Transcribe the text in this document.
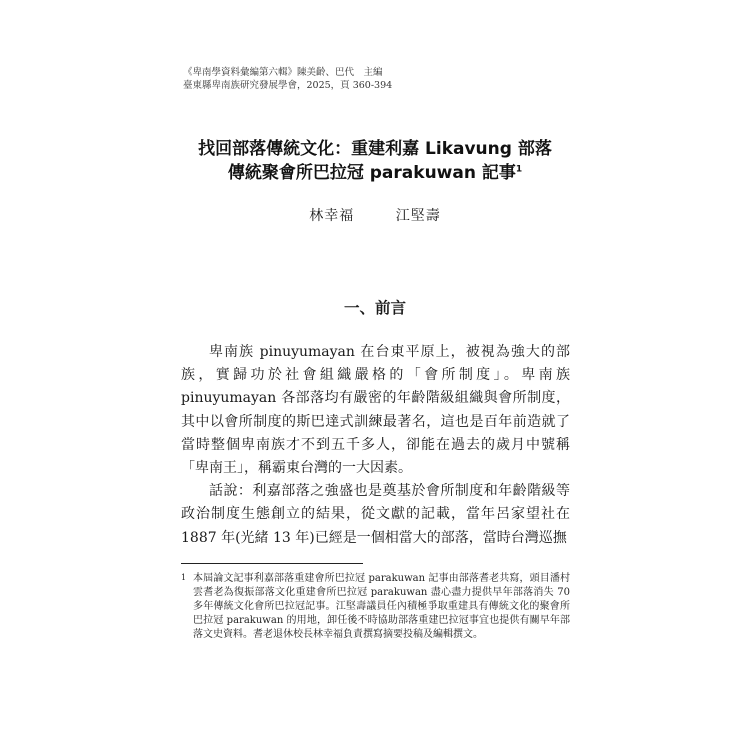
《卑南學資料彙編第六輯》陳美齡、巴代　主編
臺東縣卑南族研究發展學會，2025，頁 360-394
找回部落傳統文化：重建利嘉 Likavung 部落
傳統聚會所巴拉冠 parakuwan 記事$^1$
林幸福	江堅壽
一、前言

卑南族 pinuyumayan 在台東平原上，被視為強大的部族，實歸功於社會組織嚴格的「會所制度」。卑南族 pinuyumayan 各部落均有嚴密的年齡階級組織與會所制度，其中以會所制度的斯巴達式訓練最著名，這也是百年前造就了當時整個卑南族才不到五千多人，卻能在過去的歲月中號稱「卑南王」，稱霸東台灣的一大因素。

話說：利嘉部落之強盛也是奠基於會所制度和年齡階級等政治制度生態創立的結果，從文獻的記載，當年呂家望社在 1887 年(光緒 13 年)已經是一個相當大的部落，當時台灣巡撫

1 本屆論文記事利嘉部落重建會所巴拉冠 parakuwan 記事由部落耆老共寫，頭目潘村雲耆老為復振部落文化重建會所巴拉冠 parakuwan 盡心盡力提供早年部落消失 70 多年傳統文化會所巴拉冠記事。江堅壽議員任內積極爭取重建具有傳統文化的聚會所巴拉冠 parakuwan 的用地，卸任後不時協助部落重建巴拉冠事宜也提供有關早年部落文史資料。耆老退休校長林幸福負責撰寫摘要投稿及編輯撰文。
